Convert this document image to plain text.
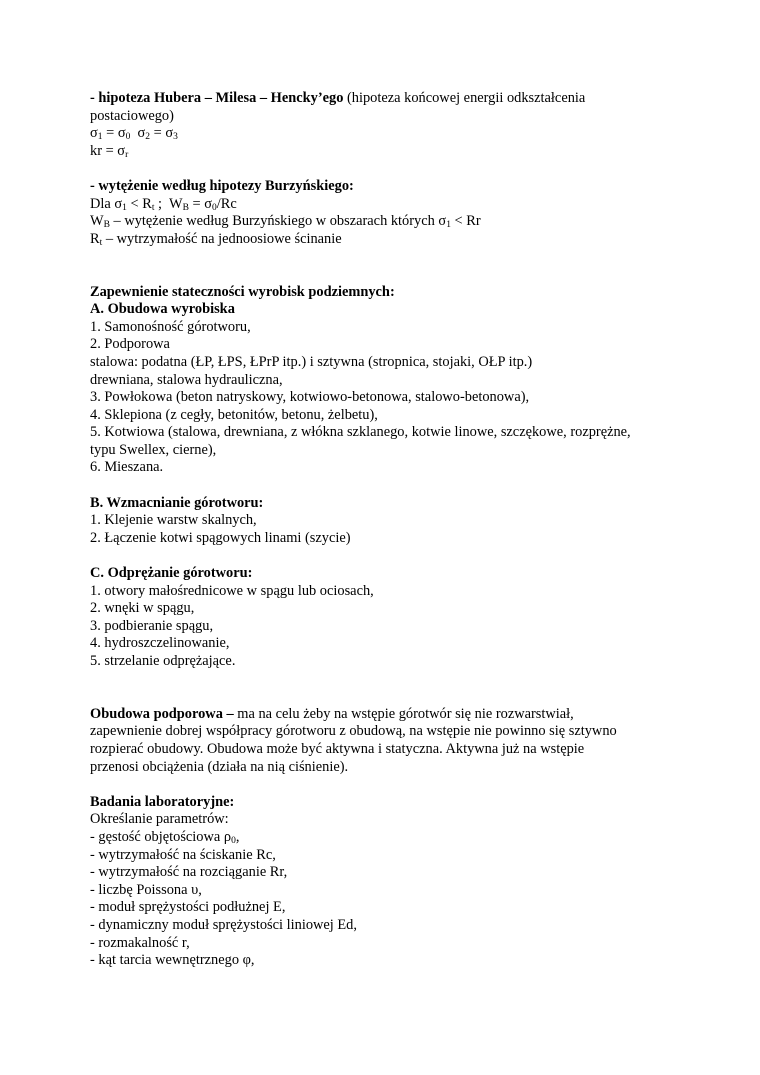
- hipoteza Hubera – Milesa – Hencky’ego (hipoteza końcowej energii odkształcenia
postaciowego)
$\sigma_1 = \sigma_0$  $\sigma_2 = \sigma_3$
kr = $\sigma_r$
- wytężenie według hipotezy Burzyńskiego:
Dla $\sigma_1 < R_t$ ;  $W_B = \sigma_0/Rc$
$W_B$ – wytężenie według Burzyńskiego w obszarach których $\sigma_1 < Rr$
$R_t$ – wytrzymałość na jednoosiowe ścinanie
Zapewnienie stateczności wyrobisk podziemnych:
A. Obudowa wyrobiska
1. Samonośność górotworu,
2. Podporowa
stalowa: podatna (ŁP, ŁPS, ŁPrP itp.) i sztywna (stropnica, stojaki, OŁP itp.)
drewniana, stalowa hydrauliczna,
3. Powłokowa (beton natryskowy, kotwiowo-betonowa, stalowo-betonowa),
4. Sklepiona (z cegły, betonitów, betonu, żelbetu),
5. Kotwiowa (stalowa, drewniana, z włókna szklanego, kotwie linowe, szczękowe, rozprężne,
typu Swellex, cierne),
6. Mieszana.
B. Wzmacnianie górotworu:
1. Klejenie warstw skalnych,
2. Łączenie kotwi spągowych linami (szycie)
C. Odprężanie górotworu:
1. otwory małośrednicowe w spągu lub ociosach,
2. wnęki w spągu,
3. podbieranie spągu,
4. hydroszczelinowanie,
5. strzelanie odprężające.
Obudowa podporowa – ma na celu żeby na wstępie górotwór się nie rozwarstwiał,
zapewnienie dobrej współpracy górotworu z obudową, na wstępie nie powinno się sztywno
rozpierać obudowy. Obudowa może być aktywna i statyczna. Aktywna już na wstępie
przenosi obciążenia (działa na nią ciśnienie).
Badania laboratoryjne:
Określanie parametrów:
- gęstość objętościowa $\rho_0$,
- wytrzymałość na ściskanie Rc,
- wytrzymałość na rozciąganie Rr,
- liczbę Poissona υ,
- moduł sprężystości podłużnej E,
- dynamiczny moduł sprężystości liniowej Ed,
- rozmakalność r,
- kąt tarcia wewnętrznego φ,
